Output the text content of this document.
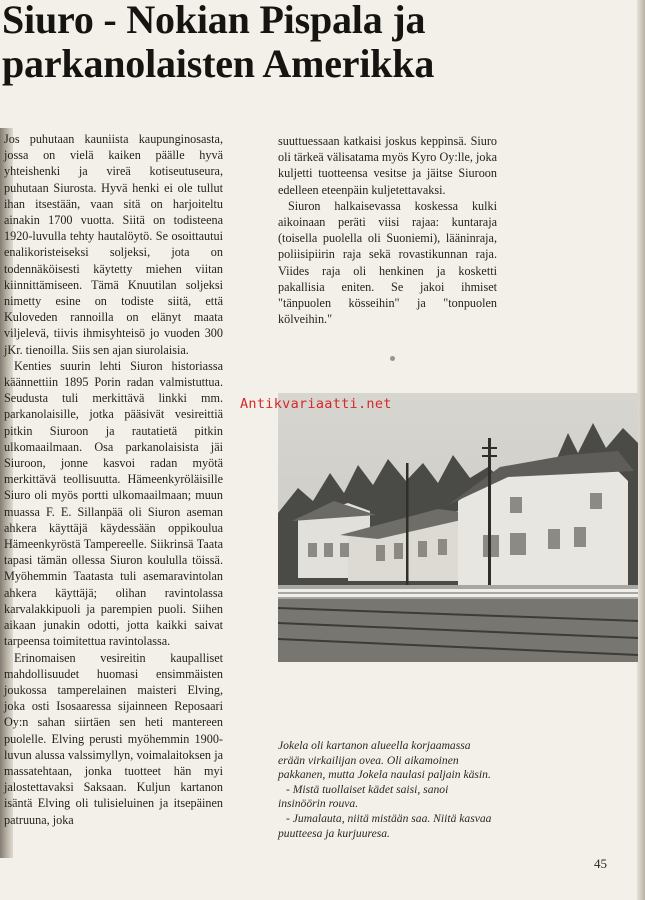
Siuro - Nokian Pispala ja
parkanolaisten Amerikka

Jos puhutaan kauniista kaupunginosasta, jossa on vielä kaiken päälle hyvä yhteishenki ja vireä kotiseutuseura, puhutaan Siurosta. Hyvä henki ei ole tullut ihan itsestään, vaan sitä on harjoiteltu ainakin 1700 vuotta. Siitä on todisteena 1920-luvulla tehty hautalöytö. Se osoittautui enalikoristeiseksi soljeksi, jota on todennäköisesti käytetty miehen viitan kiinnittämiseen. Tämä Knuutilan soljeksi nimetty esine on todiste siitä, että Kuloveden rannoilla on elänyt maata viljelevä, tiivis ihmisyhteisö jo vuoden 300 jKr. tienoilla. Siis sen ajan siurolaisia.

Kenties suurin lehti Siuron historiassa käännettiin 1895 Porin radan valmistuttua. Seudusta tuli merkittävä linkki mm. parkanolaisille, jotka pääsivät vesireittiä pitkin Siuroon ja rautatietä pitkin ulkomaailmaan. Osa parkanolaisista jäi Siuroon, jonne kasvoi radan myötä merkittävä teollisuutta. Hämeenkyröläisille Siuro oli myös portti ulkomaailmaan; muun muassa F. E. Sillanpää oli Siuron aseman ahkera käyttäjä käydessään oppikoulua Hämeenkyröstä Tampereelle. Siikrinsä Taata tapasi tämän ollessa Siuron koululla töissä. Myöhemmin Taatasta tuli asemaravintolan ahkera käyttäjä; olihan ravintolassa karvalakkipuoli ja parempien puoli. Siihen aikaan junakin odotti, jotta kaikki saivat tarpeensa toimitettua ravintolassa.

Erinomaisen vesireitin kaupalliset mahdollisuudet huomasi ensimmäisten joukossa tamperelainen maisteri Elving, joka osti Isosaaressa sijainneen Reposaari Oy:n sahan siirtäen sen heti mantereen puolelle. Elving perusti myöhemmin 1900-luvun alussa valssimyllyn, voimalaitoksen ja massatehtaan, jonka tuotteet hän myi jalostettavaksi Saksaan. Kuljun kartanon isäntä Elving oli tulisieluinen ja itsepäinen patruuna, joka

suuttuessaan katkaisi joskus keppinsä. Siuro oli tärkeä välisatama myös Kyro Oy:lle, joka kuljetti tuotteensa vesitse ja jäitse Siuroon edelleen eteenpäin kuljetettavaksi.

Siuron halkaisevassa koskessa kulki aikoinaan peräti viisi rajaa: kuntaraja (toisella puolella oli Suoniemi), lääninraja, poliisipiirin raja sekä rovastikunnan raja. Viides raja oli henkinen ja kosketti pakallisia eniten. Se jakoi ihmiset "tänpuolen kösseihin" ja "tonpuolen kölveihin."

Antikvariaatti.net

Jokela oli kartanon alueella korjaamassa erään virkailijan ovea. Oli aikamoinen pakkanen, mutta Jokela naulasi paljain käsin.

- Mistä tuollaiset kädet saisi, sanoi insinöörin rouva.

- Jumalauta, niitä mistään saa. Niitä kasvaa puutteesa ja kurjuuresa.

45
